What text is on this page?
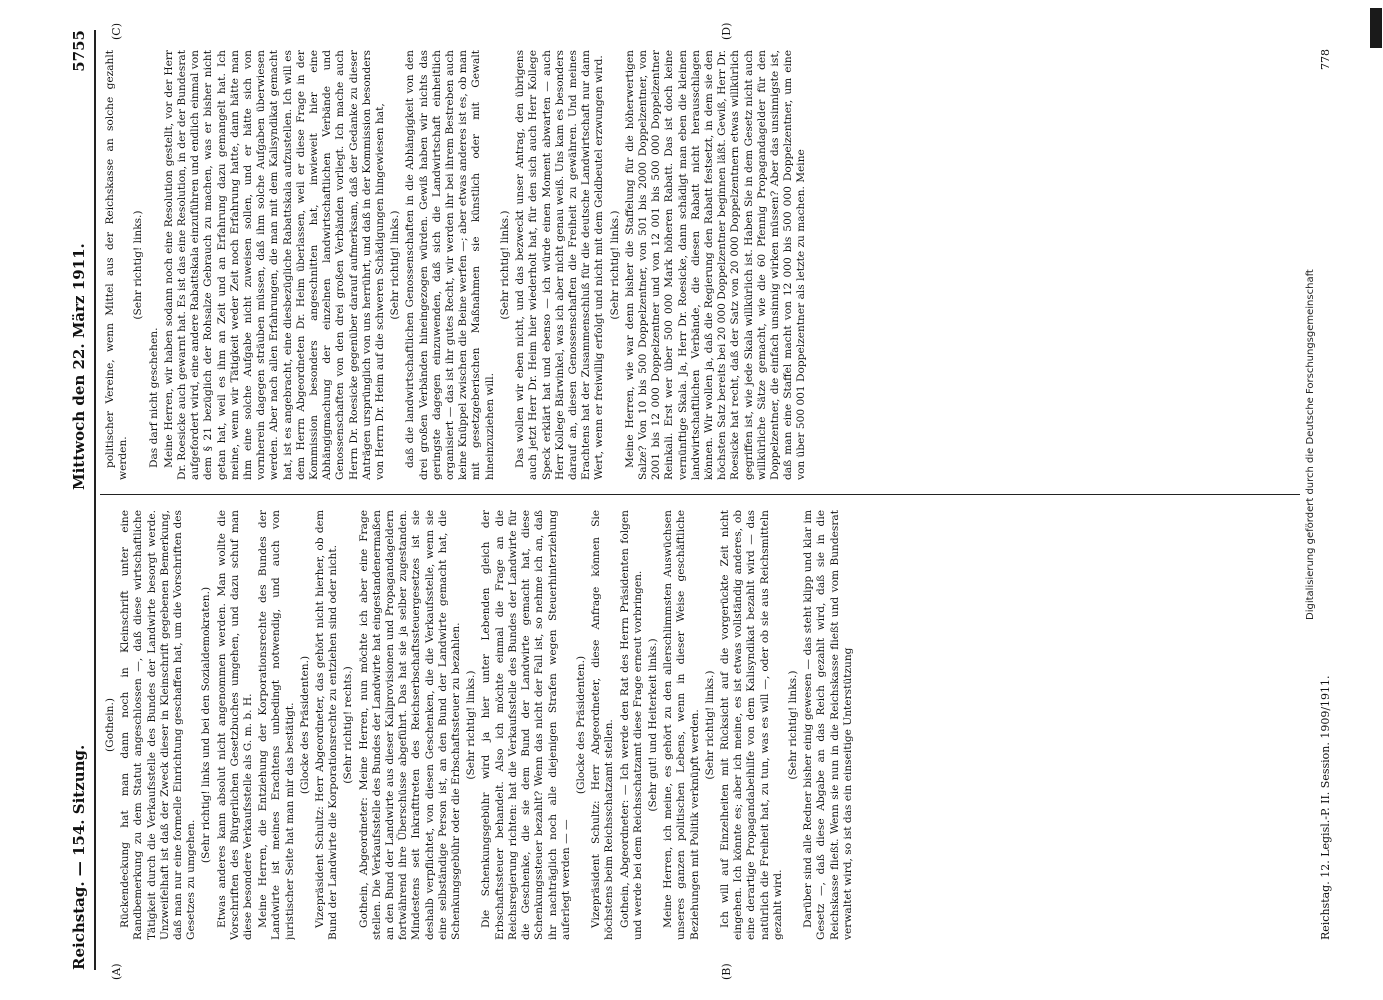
Reichstag. — 154. Sitzung.
Mittwoch den 22. März 1911.
5755
(A)	(B)
(C)	(D)

(Gothein.) Rückendeckung hat man dann noch in Kleinschrift unter eine Randbemerkung zu dem Statut angeschlossen —, daß diese wirtschaftliche Tätigkeit durch die Verkaufsstelle des Bundes der Landwirte besorgt werde. Unzweifelhaft ist daß der Zweck dieser in Kleinschrift gegebenen Bemerkung, daß man nur eine formelle Einrichtung geschaffen hat, um die Vorschriften des Gesetzes zu umgehen.

(Sehr richtig! links und bei den Sozialdemokraten.) Etwas anderes kann absolut nicht angenommen werden. Man wollte die Vorschriften des Bürgerlichen Gesetzbuches umgehen, und dazu schuf man diese besondere Verkaufsstelle als G. m. b. H. Meine Herren, die Entziehung der Korporationsrechte des Bundes der Landwirte ist meines Erachtens unbedingt notwendig, und auch von juristischer Seite hat man mir das bestätigt. (Glocke des Präsidenten.) Vizepräsident Schultz: Herr Abgeordneter, das gehört nicht hierher, ob dem Bund der Landwirte die Korporationsrechte zu entziehen sind oder nicht. (Sehr richtig! rechts.) Gothein, Abgeordneter: Meine Herren, nun möchte ich aber eine Frage stellen. Die Verkaufsstelle des Bundes der Landwirte hat eingestandenermaßen an den Bund der Landwirte aus dieser Kaliprovisionen und Propagandageldern fortwährend ihre Überschüsse abgeführt. Das hat sie ja selber zugestanden. Mindestens seit Inkrafttreten des Reichserbschaftssteuergesetzes ist sie deshalb verpflichtet, von diesen Geschenken, die die Verkaufsstelle, wenn sie eine selbständige Person ist, an den Bund der Landwirte gemacht hat, die Schenkungsgebühr oder die Erbschaftssteuer zu bezahlen. (Sehr richtig! links.) Die Schenkungsgebühr wird ja hier unter Lebenden gleich der Erbschaftssteuer behandelt. Also ich möchte einmal die Frage an die Reichsregierung richten: hat die Verkaufsstelle des Bundes der Landwirte für die Geschenke, die sie dem Bund der Landwirte gemacht hat, diese Schenkungssteuer bezahlt? Wenn das nicht der Fall ist, so nehme ich an, daß ihr nachträglich noch alle diejenigen Strafen wegen Steuerhinterziehung auferlegt werden — —

(Glocke des Präsidenten.) Vizepräsident Schultz: Herr Abgeordneter, diese Anfrage können Sie höchstens beim Reichsschatzamt stellen. Gothein, Abgeordneter: — Ich werde den Rat des Herrn Präsidenten folgen und werde bei dem Reichsschatzamt diese Frage erneut vorbringen. (Sehr gut! und Heiterkeit links.) Meine Herren, ich meine, es gehört zu den allerschlimmsten Auswüchsen unseres ganzen politischen Lebens, wenn in dieser Weise geschäftliche Beziehungen mit Politik verknüpft werden. (Sehr richtig! links.) Ich will auf Einzelheiten mit Rücksicht auf die vorgerückte Zeit nicht eingehen. Ich könnte es; aber ich meine, es ist etwas vollständig anderes, ob eine derartige Propagandabeihilfe von dem Kalisyndikat bezahlt wird — das natürlich die Freiheit hat, zu tun, was es will —, oder ob sie aus Reichsmitteln gezahlt wird.

(Sehr richtig! links.) Darüber sind alle Redner bisher einig gewesen — das steht klipp und klar im Gesetz —, daß diese Abgabe an das Reich gezahlt wird, daß sie in die Reichskasse fließt. Wenn sie nun in die Reichskasse fließt und vom Bundesrat verwaltet wird, so ist das ein einseitige Unterstützung

politischer Vereine, wenn Mittel aus der Reichskasse an solche gezahlt werden.

(Sehr richtig! links.)

Das darf nicht geschehen. Meine Herren, wir haben sodann noch eine Resolution gestellt, vor der Herr Dr. Roesicke auch gewarnt hat. Es ist das eine Resolution, in der der Bundesrat aufgefordert wird, eine andere Rabattskala einzuführen und endlich einmal von dem § 21 bezüglich der Rohsalze Gebrauch zu machen, was er bisher nicht getan hat, weil es ihm an Zeit und an Erfahrung dazu gemangelt hat. Ich meine, wenn wir Tätigkeit weder Zeit noch Erfahrung hatte, dann hätte man ihm eine solche Aufgabe nicht zuweisen sollen, und er hätte sich von vornherein dagegen sträuben müssen, daß ihm solche Aufgaben überwiesen werden. Aber nach allen Erfahrungen, die man mit dem Kalisyndikat gemacht hat, ist es angebracht, eine diesbezügliche Rabattskala aufzustellen. Ich will es dem Herrn Abgeordneten Dr. Heim überlassen, weil er diese Frage in der Kommission besonders angeschnitten hat, inwieweit hier eine Abhängigmachung der einzelnen landwirtschaftlichen Verbände und Genossenschaften von den drei großen Verbänden vorliegt. Ich mache auch Herrn Dr. Roesicke gegenüber darauf aufmerksam, daß der Gedanke zu dieser Anträgen ursprünglich von uns herrührt, und daß in der Kommission besonders von Herrn Dr. Heim auf die schweren Schädigungen hingewiesen hat, (Sehr richtig! links.) daß die landwirtschaftlichen Genossenschaften in die Abhängigkeit von den drei großen Verbänden hineingezogen würden. Gewiß haben wir nichts das geringste dagegen einzuwenden, daß sich die Landwirtschaft einheitlich organisiert — das ist ihr gutes Recht, wir werden ihr bei ihrem Bestreben auch keine Knüppel zwischen die Beine werfen —; aber etwas anderes ist es, ob man mit gesetzgeberischen Maßnahmen sie künstlich oder mit Gewalt hineinzuziehen will.

(Sehr richtig! links.) Das wollen wir eben nicht, und das bezweckt unser Antrag, den übrigens auch jetzt Herr Dr. Heim hier wiederholt hat, für den sich auch Herr Kollege Speck erklärt hat und ebenso — ich würde einen Moment abwarten — auch Herr Kollege Bärwinkel, was ich aber nicht genau weiß. Uns kam es besonders darauf an, diesen Genossenschaften die Freiheit zu gewähren. Und meines Erachtens hat der Zusammenschluß für die deutsche Landwirtschaft nur dann Wert, wenn er freiwillig erfolgt und nicht mit dem Geldbeutel erzwungen wird. (Sehr richtig! links.) Meine Herren, wie war denn bisher die Staffelung für die höherwertigen Salze? Von 10 bis 500 Doppelzentner, von 501 bis 2000 Doppelzentner, von 2001 bis 12 000 Doppelzentner und von 12 001 bis 500 000 Doppelzentner Reinkali. Erst wer über 500 000 Mark höheren Rabatt. Das ist doch keine vernünftige Skala. Ja, Herr Dr. Roesicke, dann schädigt man eben die kleinen landwirtschaftlichen Verbände, die diesen Rabatt nicht herausschlagen können. Wir wollen ja, daß die Regierung den Rabatt festsetzt, in dem sie den höchsten Satz bereits bei 20 000 Doppelzentner beginnen läßt. Gewiß, Herr Dr. Roesicke hat recht, daß der Satz von 20 000 Doppelzentnern etwas willkürlich gegriffen ist, wie jede Skala willkürlich ist. Haben Sie in dem Gesetz nicht auch willkürliche Sätze gemacht, wie die 60 Pfennig Propagandagelder für den Doppelzentner, die einfach unsinnig wirken müssen? Aber das unsinnigste ist, daß man eine Staffel macht von 12 000 bis 500 000 Doppelzentner, um eine von über 500 001 Doppelzentner als letzte zu machen. Meine

Reichstag. 12. Legisl.-P. II. Session. 1909/1911.
778
Digitalisierung gefördert durch die Deutsche Forschungsgemeinschaft
